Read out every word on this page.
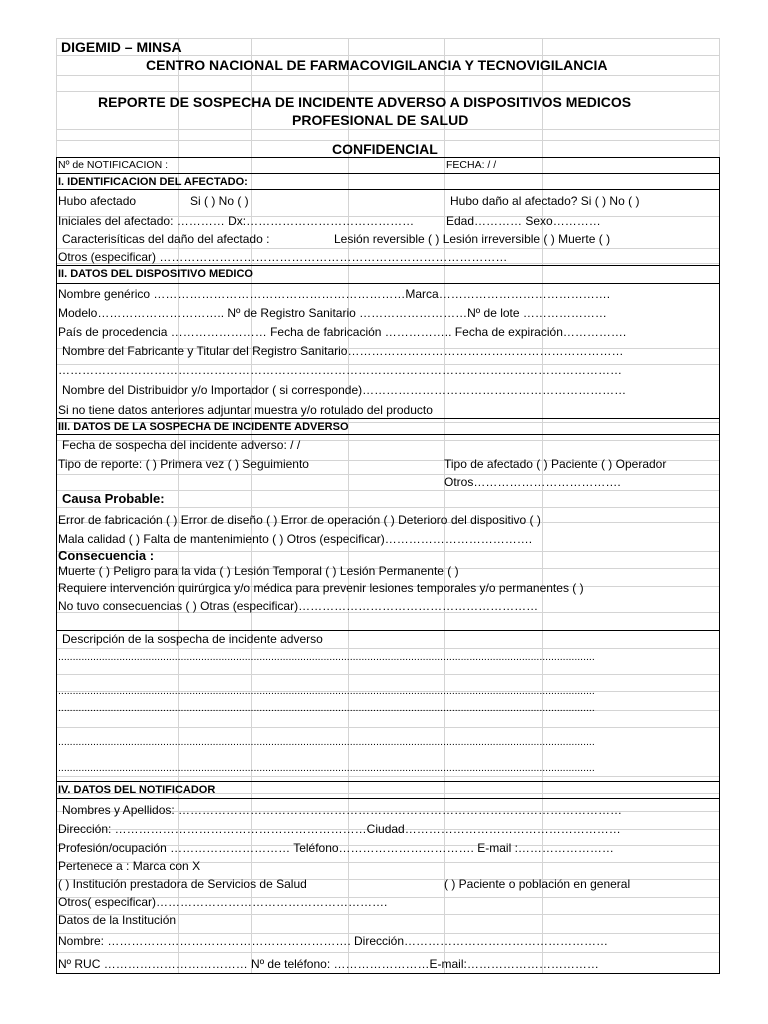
DIGEMID – MINSA
CENTRO NACIONAL DE FARMACOVIGILANCIA Y TECNOVIGILANCIA
REPORTE DE SOSPECHA DE INCIDENTE ADVERSO A DISPOSITIVOS MEDICOS
PROFESIONAL DE SALUD
CONFIDENCIAL
Nº de NOTIFICACION :	FECHA: / /
I. IDENTIFICACION DEL AFECTADO:
Hubo afectado	Si ( ) No ( )	Hubo daño al afectado? Si ( ) No ( )
Iniciales del afectado: ………… Dx:……………………………………	Edad………… Sexo…………
Caracterisíticas del daño del afectado :	Lesión reversible ( ) Lesión irreversible ( ) Muerte ( )
Otros (especificar) ……………………………………………………………………………
II. DATOS DEL DISPOSITIVO MEDICO
Nombre genérico ………………………………………………………Marca…………………………………….
Modelo………………………….. Nº de Registro Sanitario ………………………Nº de lote …………………
País de procedencia …………………… Fecha de fabricación …………….. Fecha de expiración…………….
Nombre del Fabricante y Titular del Registro Sanitario……………………………………………………………
……………………………………………………………………………………………………………………………
Nombre del Distribuidor y/o Importador ( si corresponde)…………………………………………………………
Si no tiene datos anteriores adjuntar muestra y/o rotulado del producto
III. DATOS DE LA SOSPECHA DE INCIDENTE ADVERSO
Fecha de sospecha del incidente adverso: / /
Tipo de reporte: ( ) Primera vez ( ) Seguimiento	Tipo de afectado ( ) Paciente ( ) Operador
Otros……………………………….
Causa Probable:
Error de fabricación ( ) Error de diseño ( ) Error de operación ( ) Deterioro del dispositivo ( )
Mala calidad ( ) Falta de mantenimiento ( ) Otros (especificar)……………………………….
Consecuencia :
Muerte ( ) Peligro para la vida ( ) Lesión Temporal ( ) Lesión Permanente ( )
Requiere intervención quirúrgica y/o médica para prevenir lesiones temporales y/o permanentes ( )
No tuvo consecuencias ( ) Otras (especificar)……………………………………………………
Descripción de la sospecha de incidente adverso
........................................................................................................................................................................................
........................................................................................................................................................................................
........................................................................................................................................................................................
........................................................................................................................................................................................
........................................................................................................................................................................................
IV. DATOS DEL NOTIFICADOR
Nombres y Apellidos: …………………………………………………………………………………………………
Dirección: ………………………………………………………Ciudad………………………………………………
Profesión/ocupación ………………………… Teléfono……………………………. E-mail :……………………
Pertenece a : Marca con X
( ) Institución prestadora de Servicios de Salud	( ) Paciente o población en general
Otros( especificar)………………………………………………….
Datos de la Institución
Nombre: ……………………………………………………. Dirección……………………………………………
Nº RUC ……………………………… Nº de teléfono: ……………………E-mail:……………………………
